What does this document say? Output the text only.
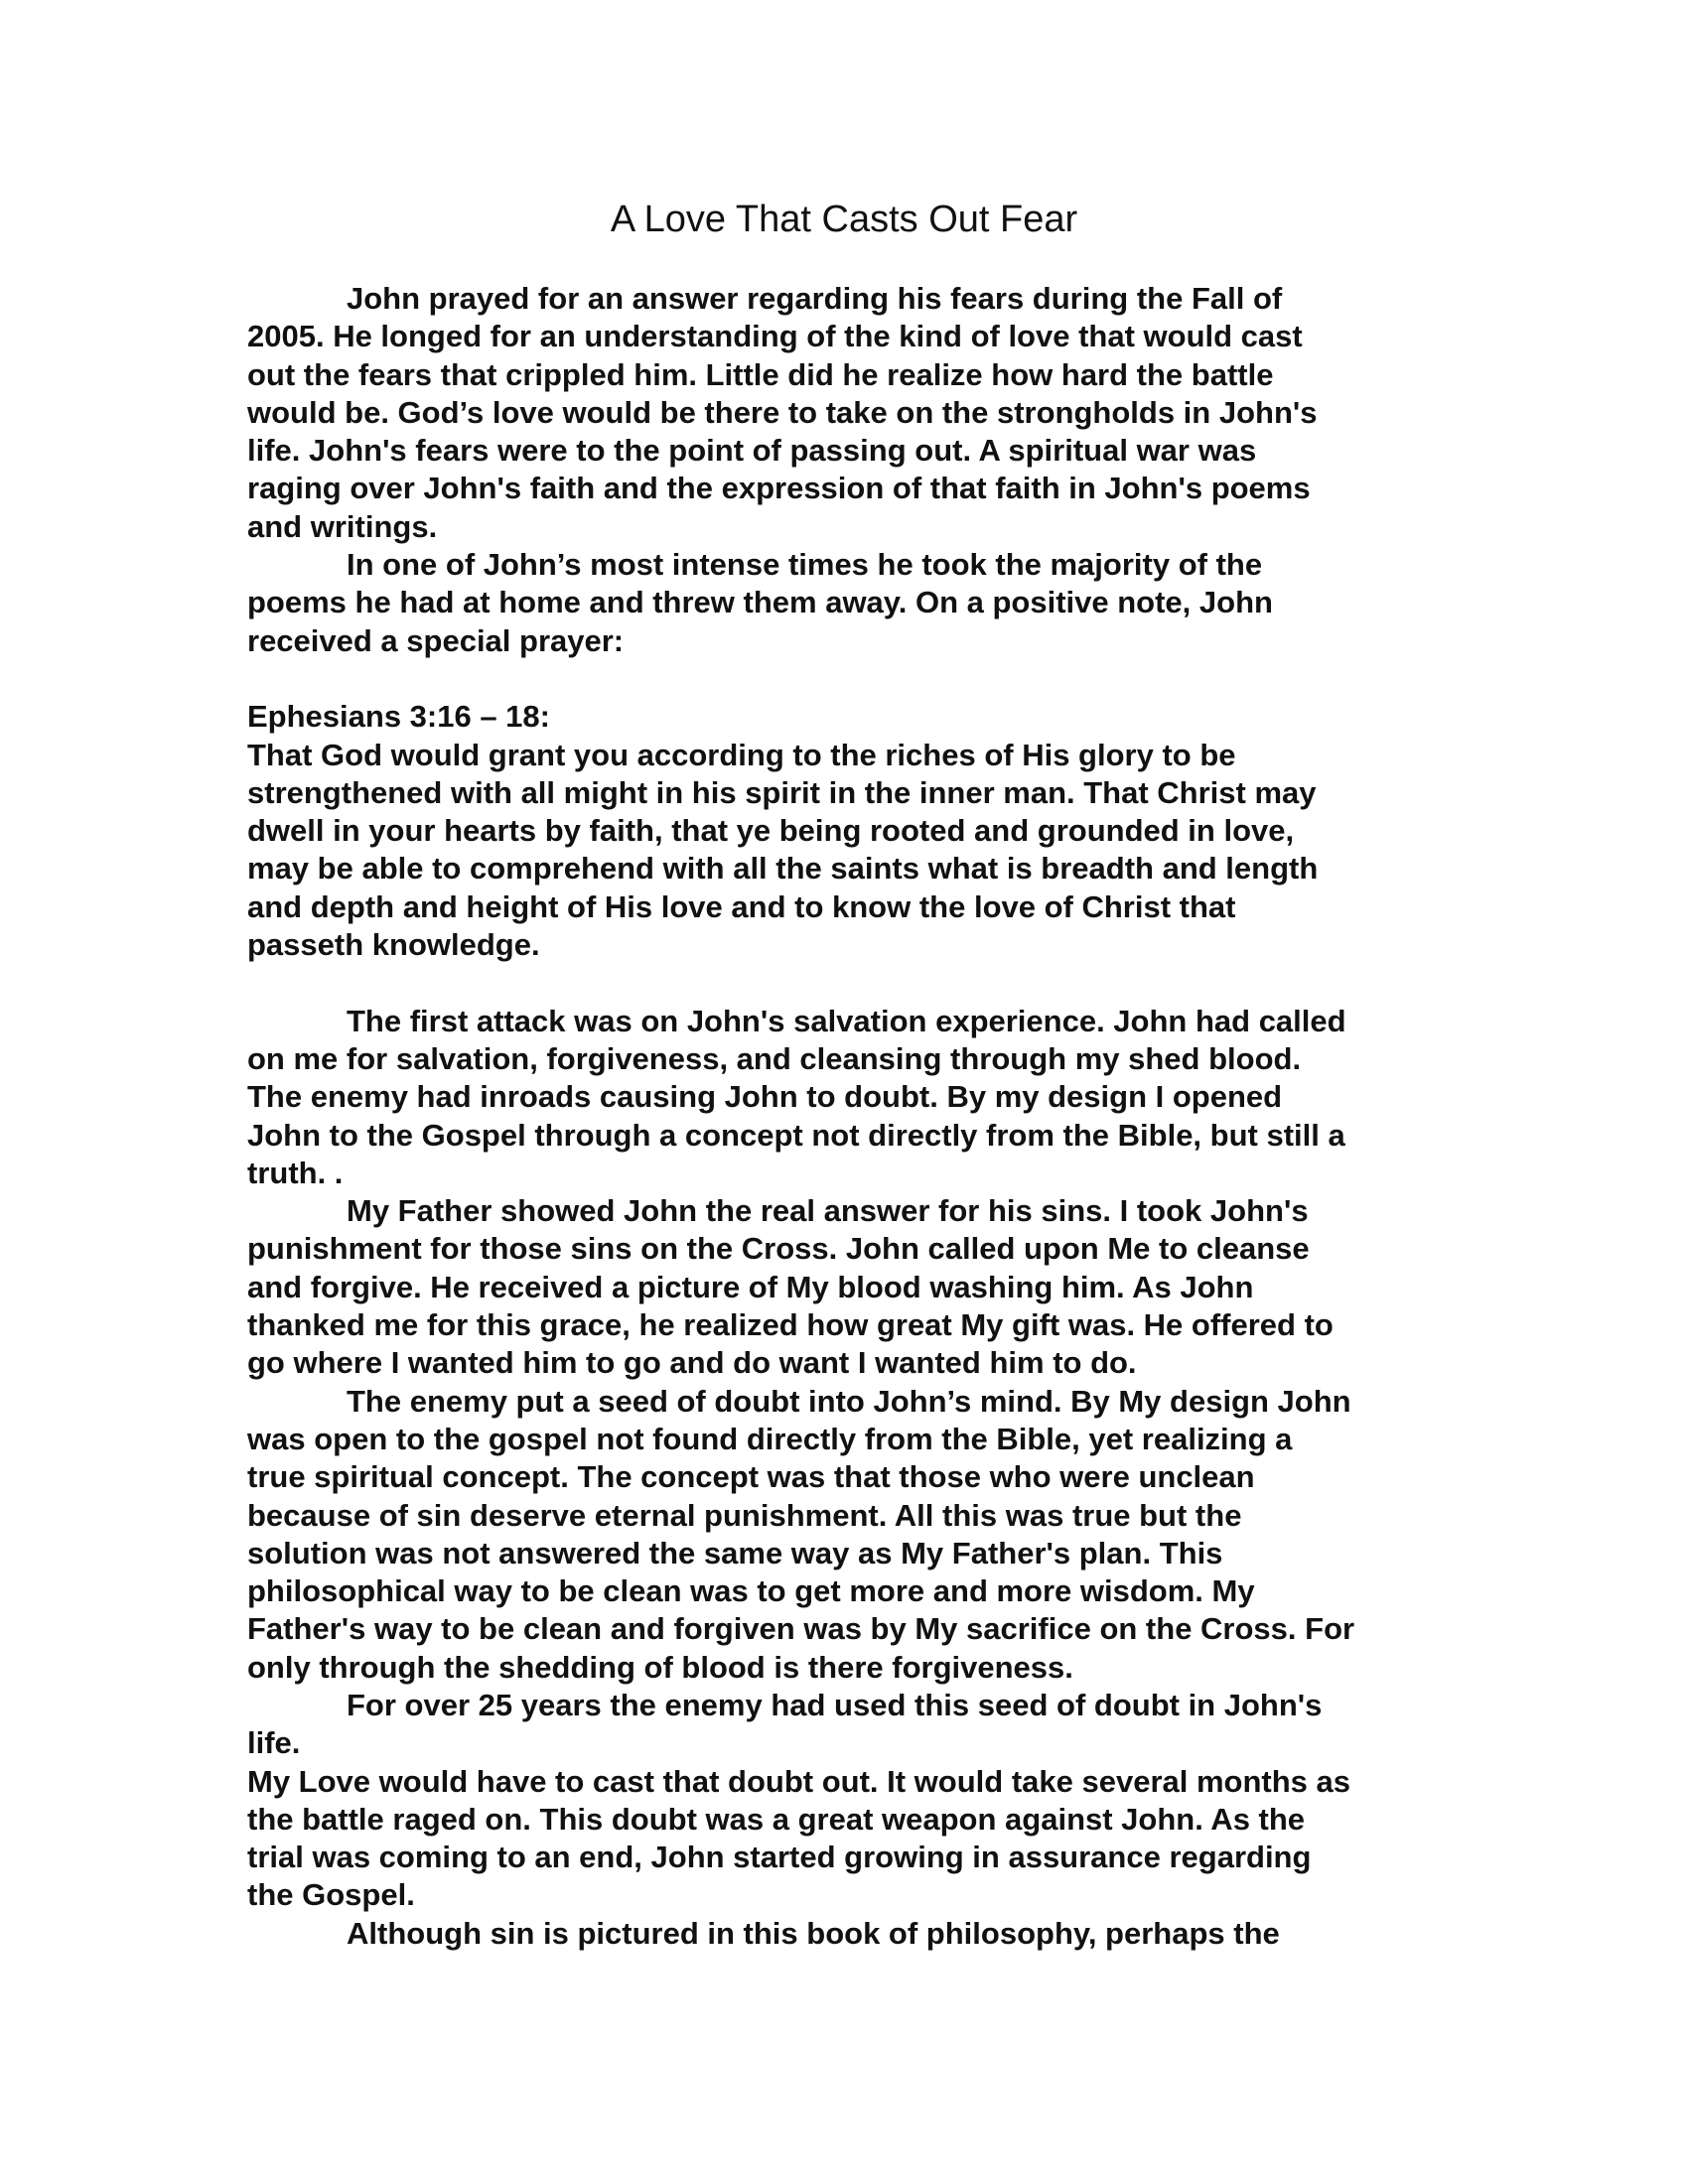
A Love That Casts Out Fear
John prayed for an answer regarding his fears during the Fall of
2005. He longed for an understanding of the kind of love that would cast
out the fears that crippled him. Little did he realize how hard the battle
would be. God’s love would be there to take on the strongholds in John's
life. John's fears were to the point of passing out. A spiritual war was
raging over John's faith and the expression of that faith in John's poems
and writings.
In one of John’s most intense times he took the majority of the
poems he had at home and threw them away. On a positive note, John
received a special prayer:
Ephesians 3:16 – 18:
That God would grant you according to the riches of His glory to be
strengthened with all might in his spirit in the inner man. That Christ may
dwell in your hearts by faith, that ye being rooted and grounded in love,
may be able to comprehend with all the saints what is breadth and length
and depth and height of His love and to know the love of Christ that
passeth knowledge.
The first attack was on John's salvation experience. John had called
on me for salvation, forgiveness, and cleansing through my shed blood.
The enemy had inroads causing John to doubt. By my design I opened
John to the Gospel through a concept not directly from the Bible, but still a
truth. .
My Father showed John the real answer for his sins. I took John's
punishment for those sins on the Cross. John called upon Me to cleanse
and forgive. He received a picture of My blood washing him. As John
thanked me for this grace, he realized how great My gift was. He offered to
go where I wanted him to go and do want I wanted him to do.
The enemy put a seed of doubt into John’s mind. By My design John
was open to the gospel not found directly from the Bible, yet realizing a
true spiritual concept. The concept was that those who were unclean
because of sin deserve eternal punishment. All this was true but the
solution was not answered the same way as My Father's plan. This
philosophical way to be clean was to get more and more wisdom. My
Father's way to be clean and forgiven was by My sacrifice on the Cross. For
only through the shedding of blood is there forgiveness.
For over 25 years the enemy had used this seed of doubt in John's
life.
My Love would have to cast that doubt out. It would take several months as
the battle raged on. This doubt was a great weapon against John. As the
trial was coming to an end, John started growing in assurance regarding
the Gospel.
Although sin is pictured in this book of philosophy, perhaps the
